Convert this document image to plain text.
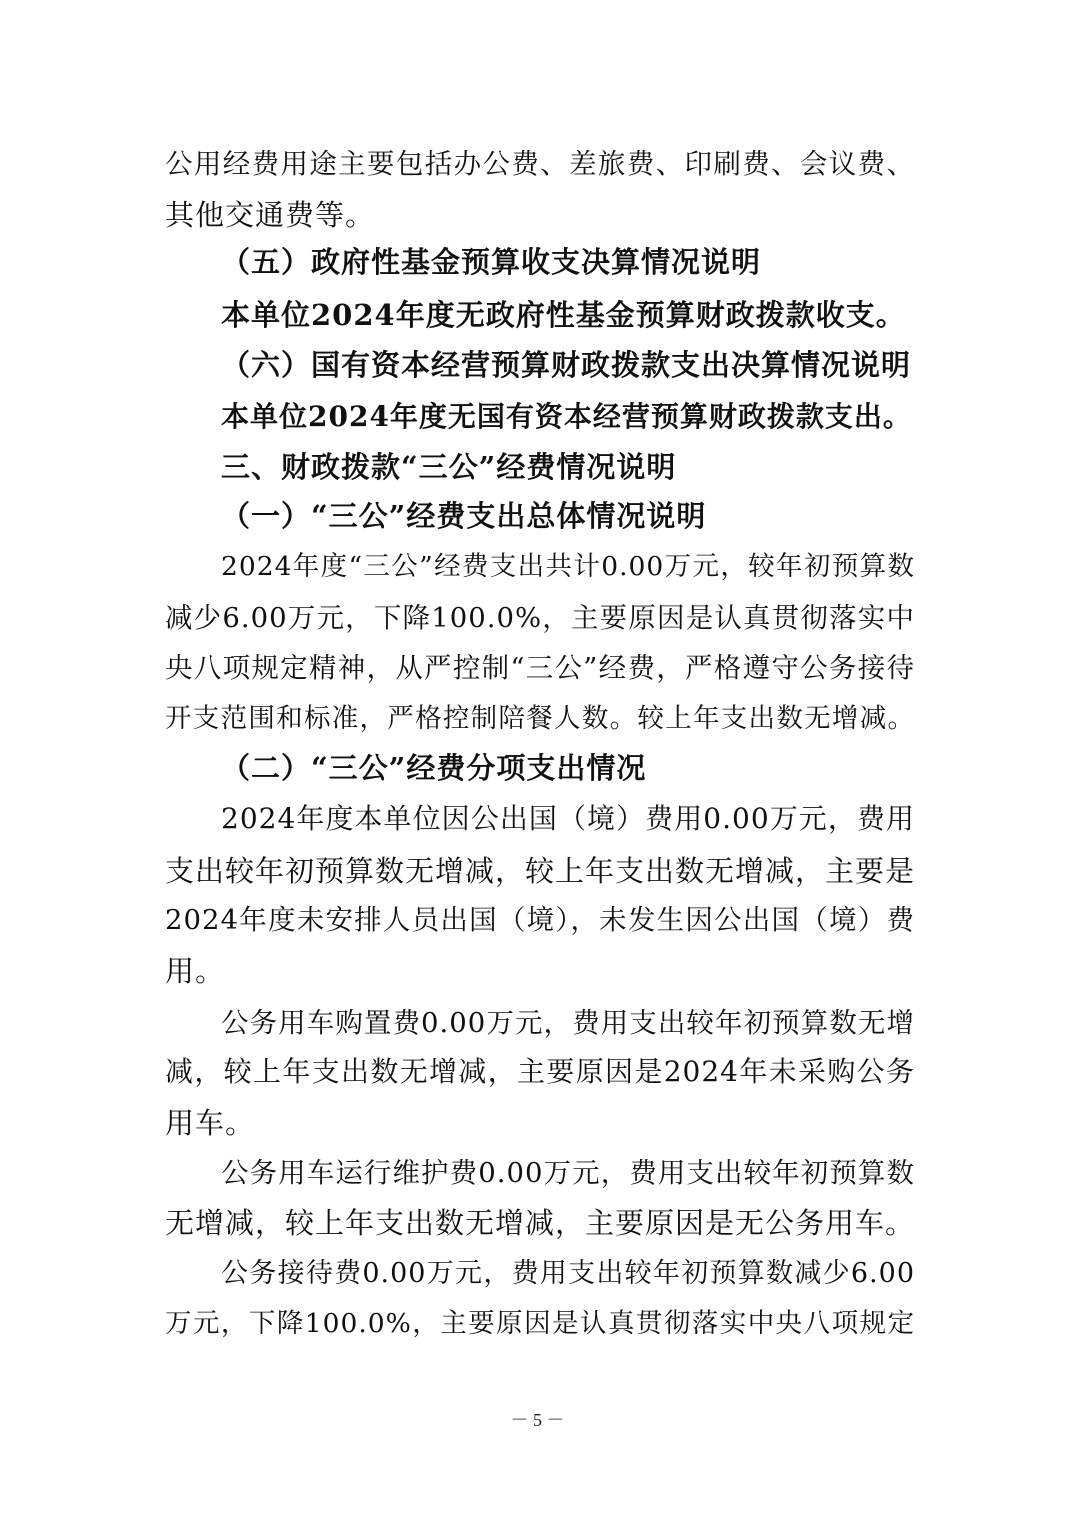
公用经费用途主要包括办公费、差旅费、印刷费、会议费、
其他交通费等。
（五）政府性基金预算收支决算情况说明
本单位2024年度无政府性基金预算财政拨款收支。
（六）国有资本经营预算财政拨款支出决算情况说明
本单位2024年度无国有资本经营预算财政拨款支出。
三、财政拨款“三公”经费情况说明
（一）“三公”经费支出总体情况说明
2024年度“三公”经费支出共计0.00万元，较年初预算数
减少6.00万元，下降100.0%，主要原因是认真贯彻落实中
央八项规定精神，从严控制“三公”经费，严格遵守公务接待
开支范围和标准，严格控制陪餐人数。较上年支出数无增减。
（二）“三公”经费分项支出情况
2024年度本单位因公出国（境）费用0.00万元，费用
支出较年初预算数无增减，较上年支出数无增减，主要是
2024年度未安排人员出国（境），未发生因公出国（境）费
用。
公务用车购置费0.00万元，费用支出较年初预算数无增
减，较上年支出数无增减，主要原因是2024年未采购公务
用车。
公务用车运行维护费0.00万元，费用支出较年初预算数
无增减，较上年支出数无增减，主要原因是无公务用车。
公务接待费0.00万元，费用支出较年初预算数减少6.00
万元，下降100.0%，主要原因是认真贯彻落实中央八项规定
－ 5 －
